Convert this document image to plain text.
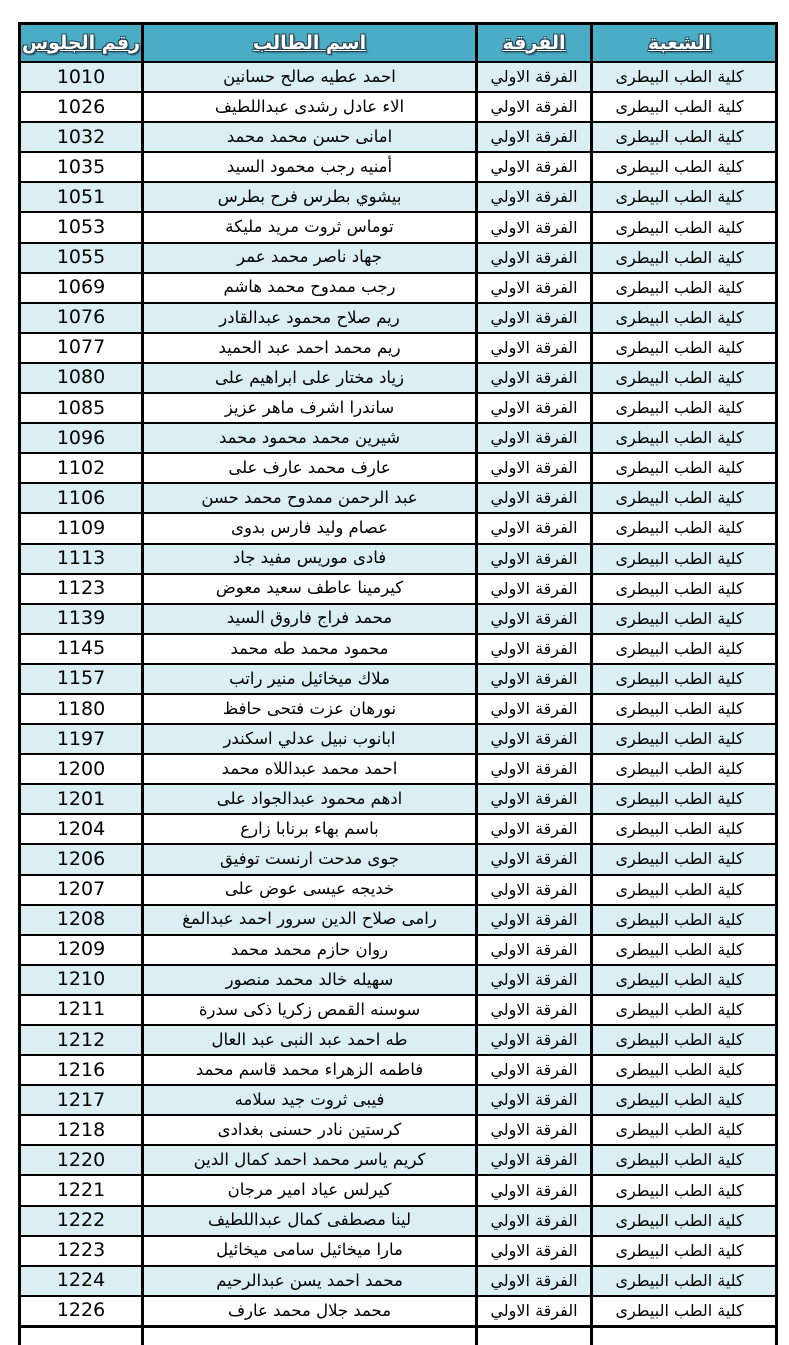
رقم الجلوس	اسم الطالب	الفرقة	الشعبة
1010	احمد عطيه صالح حسانين	الفرقة الاولي	كلية الطب البيطرى
1026	الاء عادل رشدى عبداللطيف	الفرقة الاولي	كلية الطب البيطرى
1032	امانى حسن محمد محمد	الفرقة الاولي	كلية الطب البيطرى
1035	أمنيه رجب محمود السيد	الفرقة الاولي	كلية الطب البيطرى
1051	بيشوي بطرس فرح بطرس	الفرقة الاولي	كلية الطب البيطرى
1053	توماس ثروت مريد مليكة	الفرقة الاولي	كلية الطب البيطرى
1055	جهاد ناصر محمد عمر	الفرقة الاولي	كلية الطب البيطرى
1069	رجب ممدوح محمد هاشم	الفرقة الاولي	كلية الطب البيطرى
1076	ريم صلاح محمود عبدالقادر	الفرقة الاولي	كلية الطب البيطرى
1077	ريم محمد احمد عبد الحميد	الفرقة الاولي	كلية الطب البيطرى
1080	زياد مختار على ابراهيم على	الفرقة الاولي	كلية الطب البيطرى
1085	ساندرا اشرف ماهر عزيز	الفرقة الاولي	كلية الطب البيطرى
1096	شيرين محمد محمود محمد	الفرقة الاولي	كلية الطب البيطرى
1102	عارف محمد عارف على	الفرقة الاولي	كلية الطب البيطرى
1106	عبد الرحمن ممدوح محمد حسن	الفرقة الاولي	كلية الطب البيطرى
1109	عصام وليد فارس بدوى	الفرقة الاولي	كلية الطب البيطرى
1113	فادى موريس مفيد جاد	الفرقة الاولي	كلية الطب البيطرى
1123	كيرمينا عاطف سعيد معوض	الفرقة الاولي	كلية الطب البيطرى
1139	محمد فراج فاروق السيد	الفرقة الاولي	كلية الطب البيطرى
1145	محمود محمد طه محمد	الفرقة الاولي	كلية الطب البيطرى
1157	ملاك ميخائيل منير راتب	الفرقة الاولي	كلية الطب البيطرى
1180	نورهان عزت فتحى حافظ	الفرقة الاولي	كلية الطب البيطرى
1197	ابانوب نبيل عدلي اسكندر	الفرقة الاولي	كلية الطب البيطرى
1200	احمد محمد عبداللاه محمد	الفرقة الاولي	كلية الطب البيطرى
1201	ادهم محمود عبدالجواد على	الفرقة الاولي	كلية الطب البيطرى
1204	باسم بهاء برنابا زارع	الفرقة الاولي	كلية الطب البيطرى
1206	جوى مدحت ارنست توفيق	الفرقة الاولي	كلية الطب البيطرى
1207	خديجه عيسى عوض على	الفرقة الاولي	كلية الطب البيطرى
1208	رامى صلاح الدين سرور احمد عبدالمغ	الفرقة الاولي	كلية الطب البيطرى
1209	روان حازم محمد محمد	الفرقة الاولي	كلية الطب البيطرى
1210	سهيله خالد محمد منصور	الفرقة الاولي	كلية الطب البيطرى
1211	سوسنه القمص زكريا ذكى سدرة	الفرقة الاولي	كلية الطب البيطرى
1212	طه احمد عبد النبى عبد العال	الفرقة الاولي	كلية الطب البيطرى
1216	فاطمه الزهراء محمد قاسم محمد	الفرقة الاولي	كلية الطب البيطرى
1217	فيبى ثروت جيد سلامه	الفرقة الاولي	كلية الطب البيطرى
1218	كرستين نادر حسنى بغدادى	الفرقة الاولي	كلية الطب البيطرى
1220	كريم ياسر محمد احمد كمال الدين	الفرقة الاولي	كلية الطب البيطرى
1221	كيرلس عياد امير مرجان	الفرقة الاولي	كلية الطب البيطرى
1222	لينا مصطفى كمال عبداللطيف	الفرقة الاولي	كلية الطب البيطرى
1223	مارا ميخائيل سامى ميخائيل	الفرقة الاولي	كلية الطب البيطرى
1224	محمد احمد يسن عبدالرحيم	الفرقة الاولي	كلية الطب البيطرى
1226	محمد جلال محمد عارف	الفرقة الاولي	كلية الطب البيطرى
